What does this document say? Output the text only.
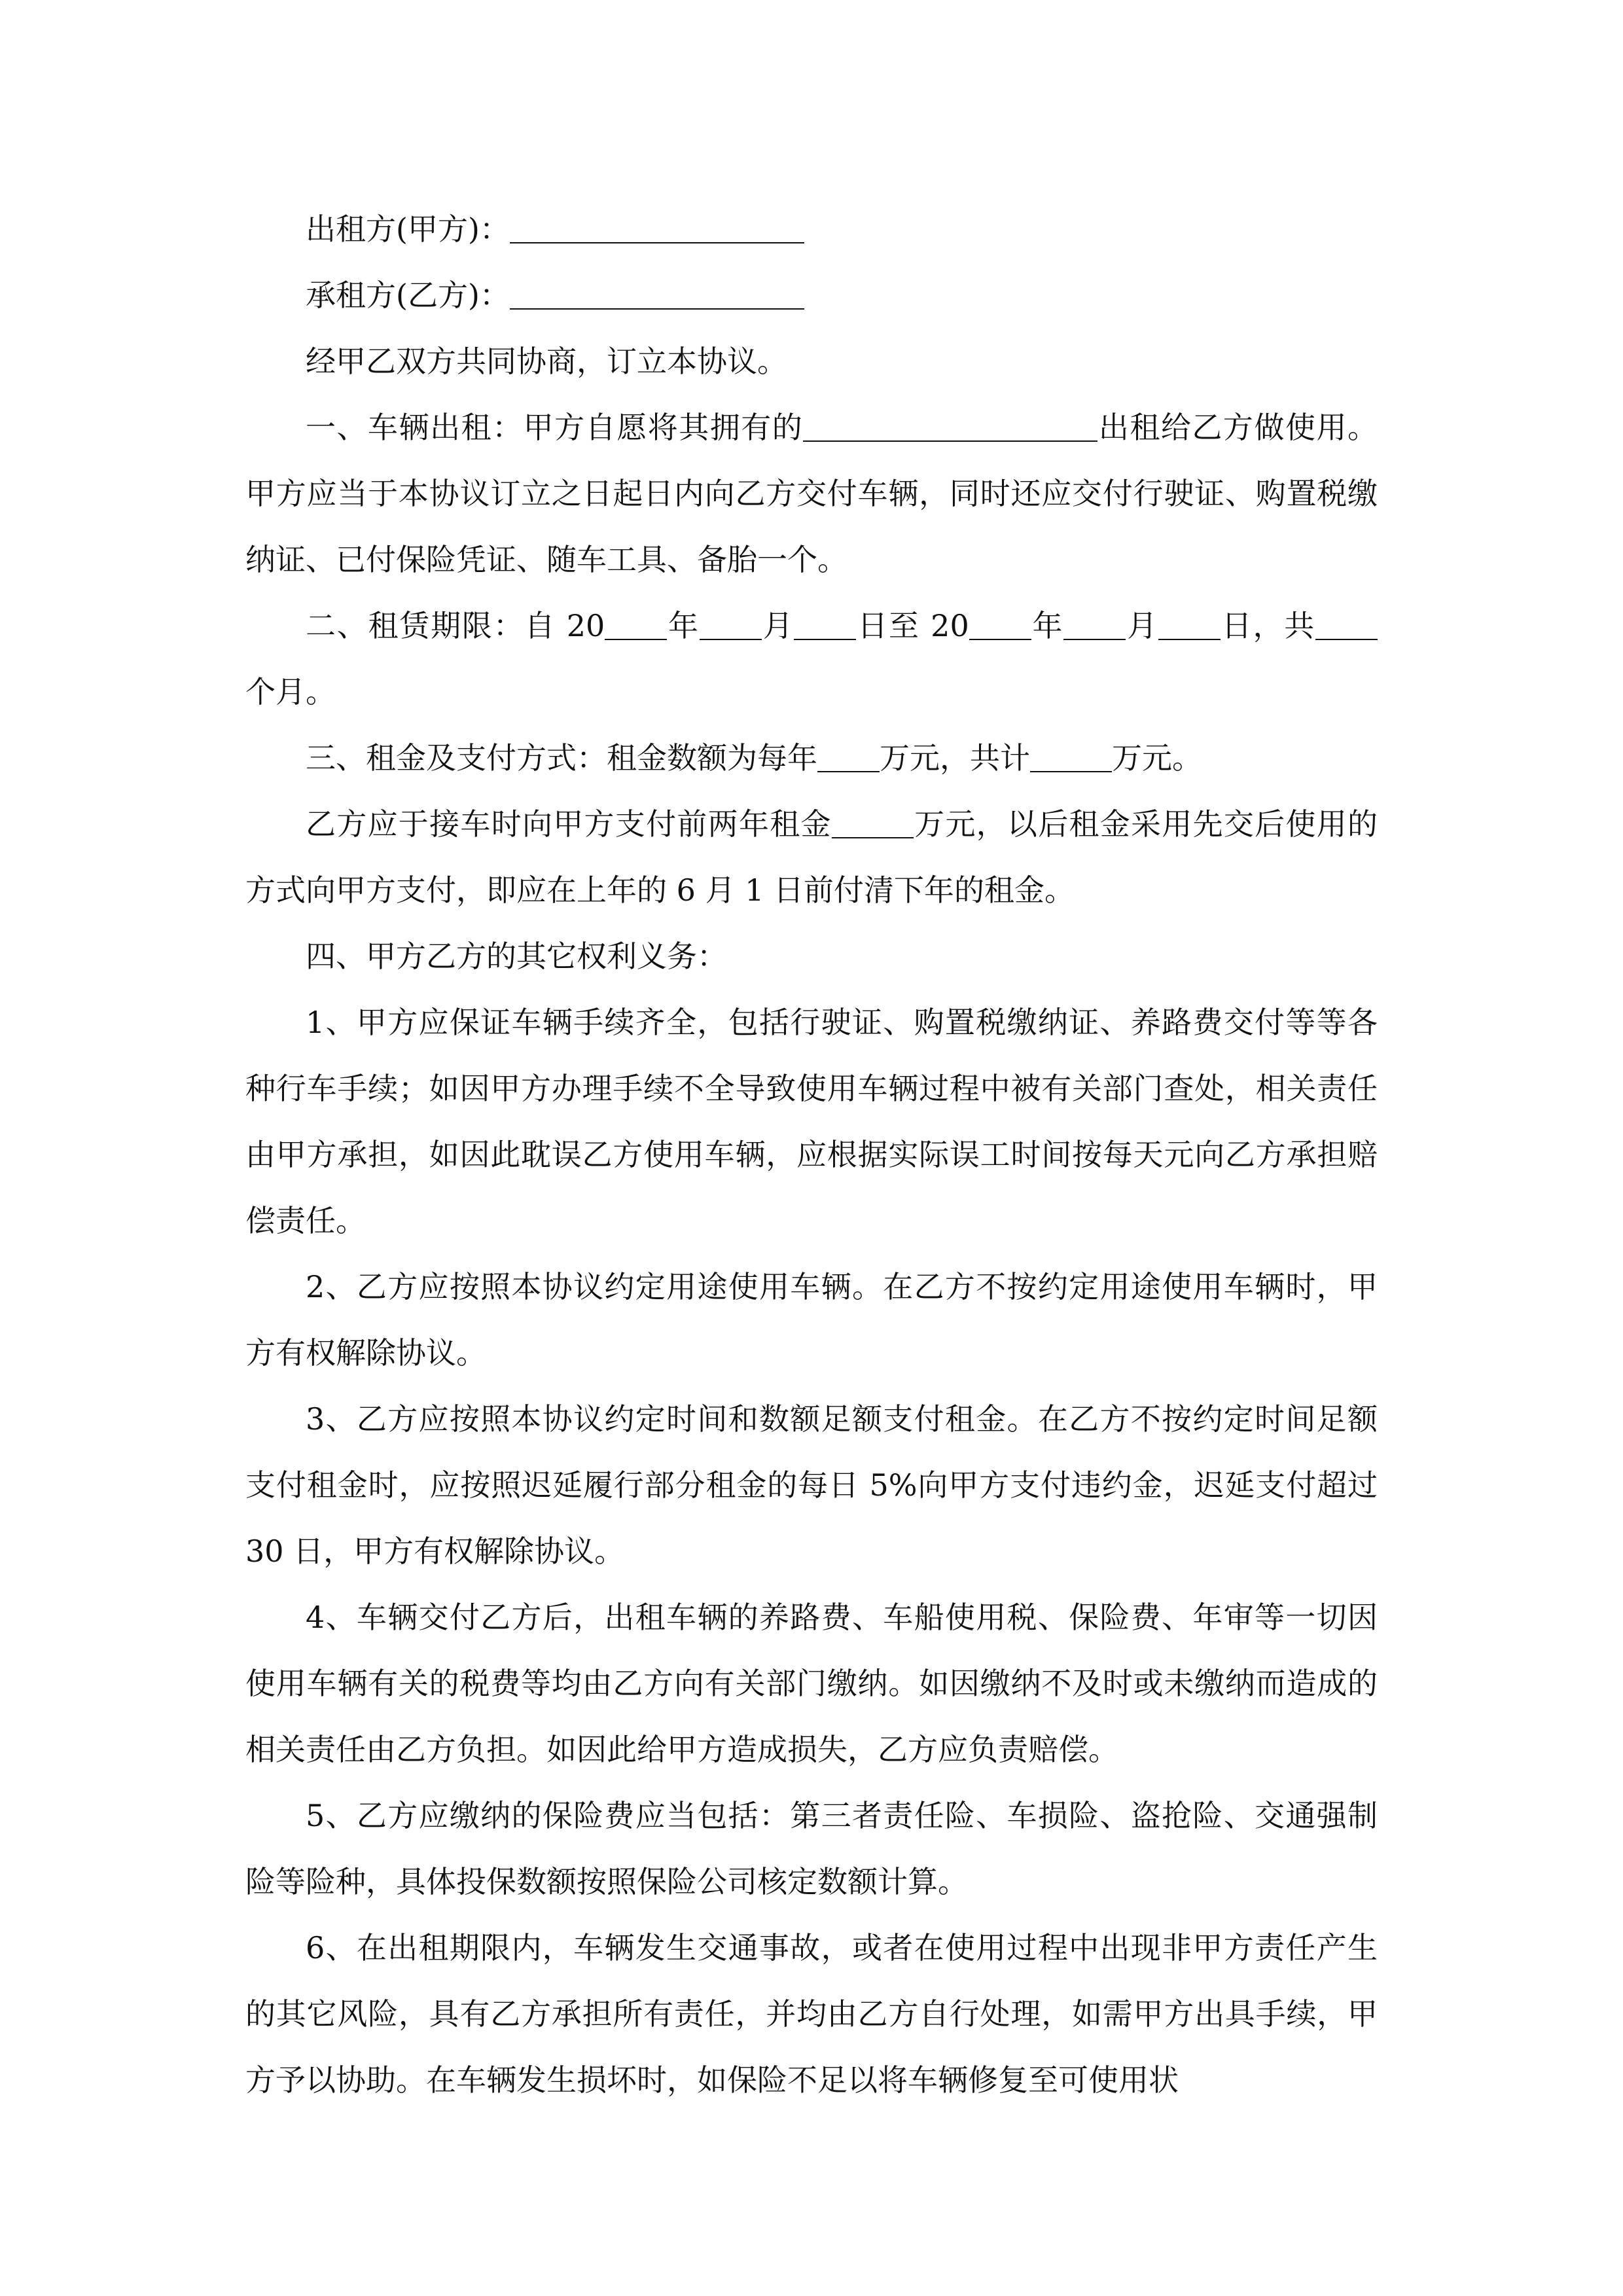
出租方(甲方)：

承租方(乙方)：

经甲乙双方共同协商，订立本协议。

一、车辆出租：甲方自愿将其拥有的	出租给乙方做使用。甲方应当于本协议订立之日起日内向乙方交付车辆，同时还应交付行驶证、购置税缴纳证、已付保险凭证、随车工具、备胎一个。

二、租赁期限：自 20 年 月 日至 20 年 月 日，共个月。

三、租金及支付方式：租金数额为每年 万元，共计	万元。

乙方应于接车时向甲方支付前两年租金	万元，以后租金采用先交后使用的方式向甲方支付，即应在上年的 6 月 1 日前付清下年的租金。

四、甲方乙方的其它权利义务：

1、甲方应保证车辆手续齐全，包括行驶证、购置税缴纳证、养路费交付等等各种行车手续；如因甲方办理手续不全导致使用车辆过程中被有关部门查处，相关责任由甲方承担，如因此耽误乙方使用车辆，应根据实际误工时间按每天元向乙方承担赔偿责任。

2、乙方应按照本协议约定用途使用车辆。在乙方不按约定用途使用车辆时，甲方有权解除协议。

3、乙方应按照本协议约定时间和数额足额支付租金。在乙方不按约定时间足额支付租金时，应按照迟延履行部分租金的每日 5%向甲方支付违约金，迟延支付超过 30 日，甲方有权解除协议。

4、车辆交付乙方后，出租车辆的养路费、车船使用税、保险费、年审等一切因使用车辆有关的税费等均由乙方向有关部门缴纳。如因缴纳不及时或未缴纳而造成的相关责任由乙方负担。如因此给甲方造成损失，乙方应负责赔偿。

5、乙方应缴纳的保险费应当包括：第三者责任险、车损险、盗抢险、交通强制险等险种，具体投保数额按照保险公司核定数额计算。

6、在出租期限内，车辆发生交通事故，或者在使用过程中出现非甲方责任产生的其它风险，具有乙方承担所有责任，并均由乙方自行处理，如需甲方出具手续，甲方予以协助。在车辆发生损坏时，如保险不足以将车辆修复至可使用状
